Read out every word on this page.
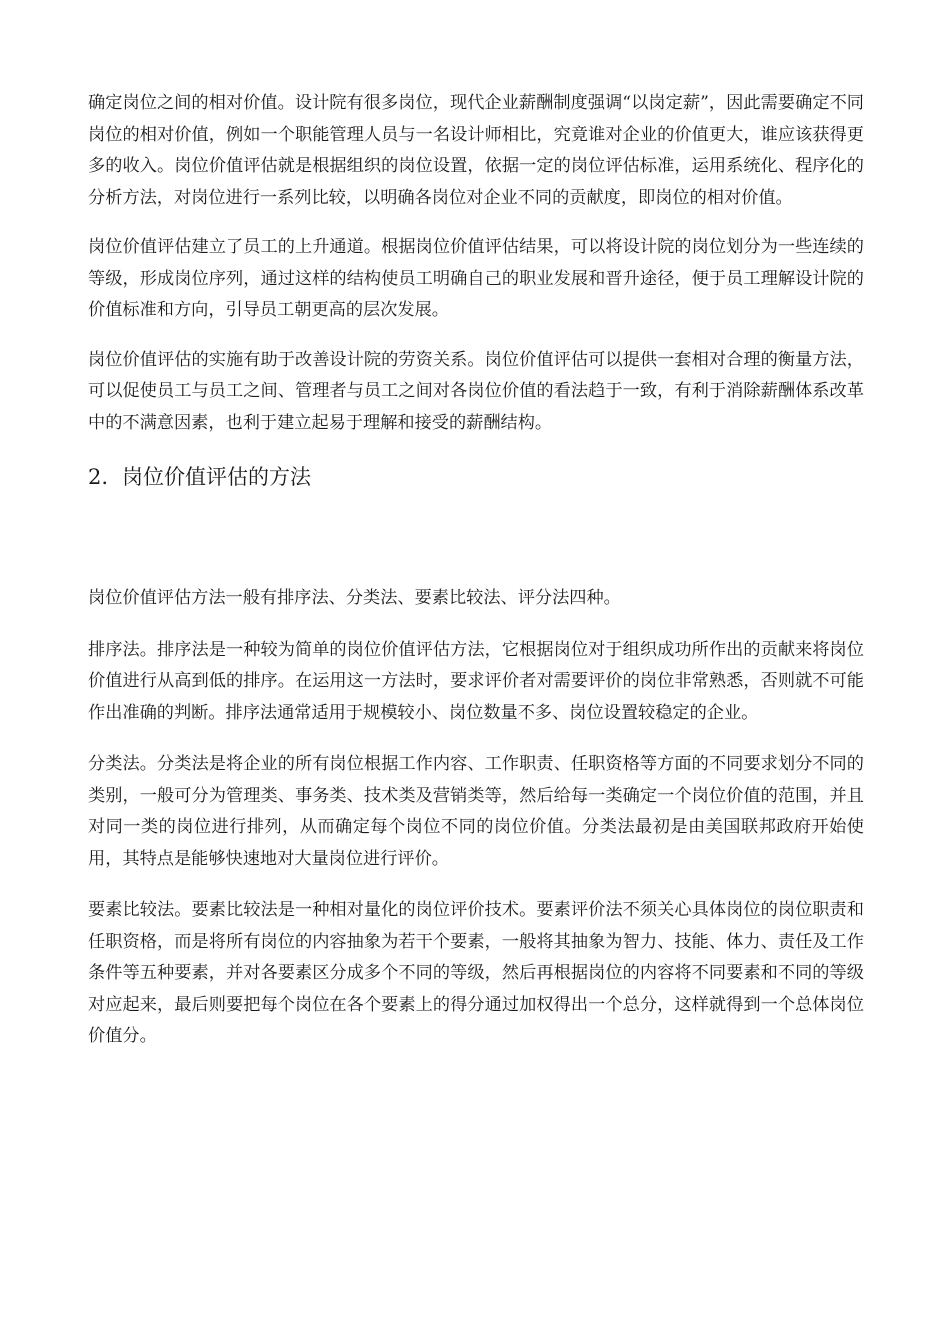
确定岗位之间的相对价值。设计院有很多岗位，现代企业薪酬制度强调“以岗定薪”，因此需要确定不同岗位的相对价值，例如一个职能管理人员与一名设计师相比，究竟谁对企业的价值更大，谁应该获得更多的收入。岗位价值评估就是根据组织的岗位设置，依据一定的岗位评估标准，运用系统化、程序化的分析方法，对岗位进行一系列比较，以明确各岗位对企业不同的贡献度，即岗位的相对价值。

岗位价值评估建立了员工的上升通道。根据岗位价值评估结果，可以将设计院的岗位划分为一些连续的等级，形成岗位序列，通过这样的结构使员工明确自己的职业发展和晋升途径，便于员工理解设计院的价值标准和方向，引导员工朝更高的层次发展。

岗位价值评估的实施有助于改善设计院的劳资关系。岗位价值评估可以提供一套相对合理的衡量方法，可以促使员工与员工之间、管理者与员工之间对各岗位价值的看法趋于一致，有利于消除薪酬体系改革中的不满意因素，也利于建立起易于理解和接受的薪酬结构。

2. 岗位价值评估的方法

岗位价值评估方法一般有排序法、分类法、要素比较法、评分法四种。

排序法。排序法是一种较为简单的岗位价值评估方法，它根据岗位对于组织成功所作出的贡献来将岗位价值进行从高到低的排序。在运用这一方法时，要求评价者对需要评价的岗位非常熟悉，否则就不可能作出准确的判断。排序法通常适用于规模较小、岗位数量不多、岗位设置较稳定的企业。

分类法。分类法是将企业的所有岗位根据工作内容、工作职责、任职资格等方面的不同要求划分不同的类别，一般可分为管理类、事务类、技术类及营销类等，然后给每一类确定一个岗位价值的范围，并且对同一类的岗位进行排列，从而确定每个岗位不同的岗位价值。分类法最初是由美国联邦政府开始使用，其特点是能够快速地对大量岗位进行评价。

要素比较法。要素比较法是一种相对量化的岗位评价技术。要素评价法不须关心具体岗位的岗位职责和任职资格，而是将所有岗位的内容抽象为若干个要素，一般将其抽象为智力、技能、体力、责任及工作条件等五种要素，并对各要素区分成多个不同的等级，然后再根据岗位的内容将不同要素和不同的等级对应起来，最后则要把每个岗位在各个要素上的得分通过加权得出一个总分，这样就得到一个总体岗位价值分。
